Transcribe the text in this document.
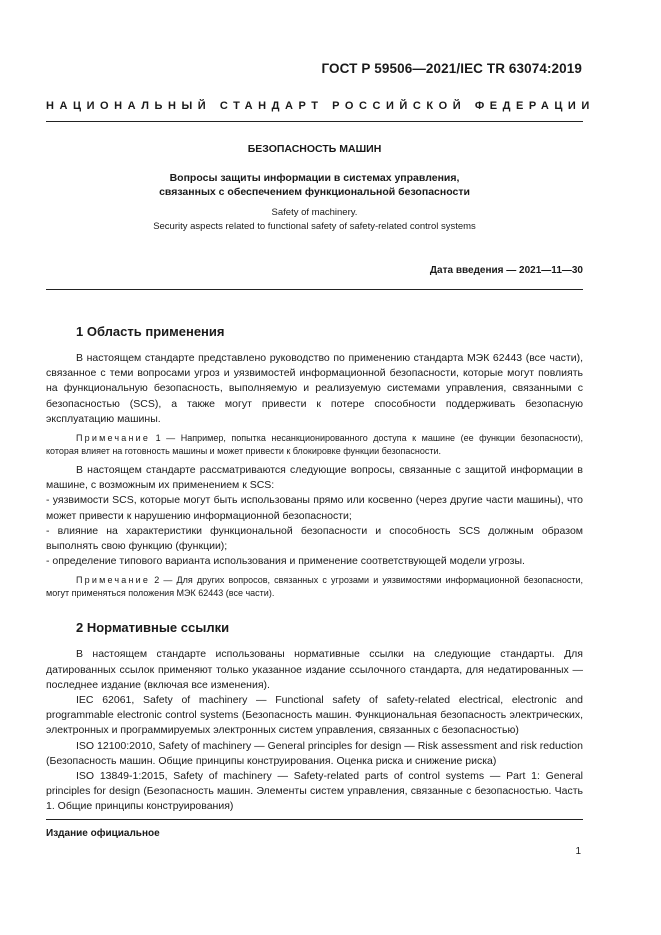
ГОСТ Р 59506—2021/IEC TR 63074:2019
НАЦИОНАЛЬНЫЙ СТАНДАРТ РОССИЙСКОЙ ФЕДЕРАЦИИ
БЕЗОПАСНОСТЬ МАШИН
Вопросы защиты информации в системах управления,
связанных с обеспечением функциональной безопасности
Safety of machinery.
Security aspects related to functional safety of safety-related control systems
Дата введения — 2021—11—30
1 Область применения

В настоящем стандарте представлено руководство по применению стандарта МЭК 62443 (все части), связанное с теми вопросами угроз и уязвимостей информационной безопасности, которые могут повлиять на функциональную безопасность, выполняемую и реализуемую системами управления, связанными с безопасностью (SCS), а также могут привести к потере способности поддерживать безопасную эксплуатацию машины.

Примечание 1 — Например, попытка несанкционированного доступа к машине (ее функции безопасности), которая влияет на готовность машины и может привести к блокировке функции безопасности.

В настоящем стандарте рассматриваются следующие вопросы, связанные с защитой информации в машине, с возможным их применением к SCS:

- уязвимости SCS, которые могут быть использованы прямо или косвенно (через другие части машины), что может привести к нарушению информационной безопасности;

- влияние на характеристики функциональной безопасности и способность SCS должным образом выполнять свою функцию (функции);

- определение типового варианта использования и применение соответствующей модели угрозы.

Примечание 2 — Для других вопросов, связанных с угрозами и уязвимостями информационной безопасности, могут применяться положения МЭК 62443 (все части).

2 Нормативные ссылки

В настоящем стандарте использованы нормативные ссылки на следующие стандарты. Для датированных ссылок применяют только указанное издание ссылочного стандарта, для недатированных — последнее издание (включая все изменения).

IEC 62061, Safety of machinery — Functional safety of safety-related electrical, electronic and programmable electronic control systems (Безопасность машин. Функциональная безопасность электрических, электронных и программируемых электронных систем управления, связанных с безопасностью)

ISO 12100:2010, Safety of machinery — General principles for design — Risk assessment and risk reduction (Безопасность машин. Общие принципы конструирования. Оценка риска и снижение риска)

ISO 13849-1:2015, Safety of machinery — Safety-related parts of control systems — Part 1: General principles for design (Безопасность машин. Элементы систем управления, связанные с безопасностью. Часть 1. Общие принципы конструирования)

Издание официальное
1
